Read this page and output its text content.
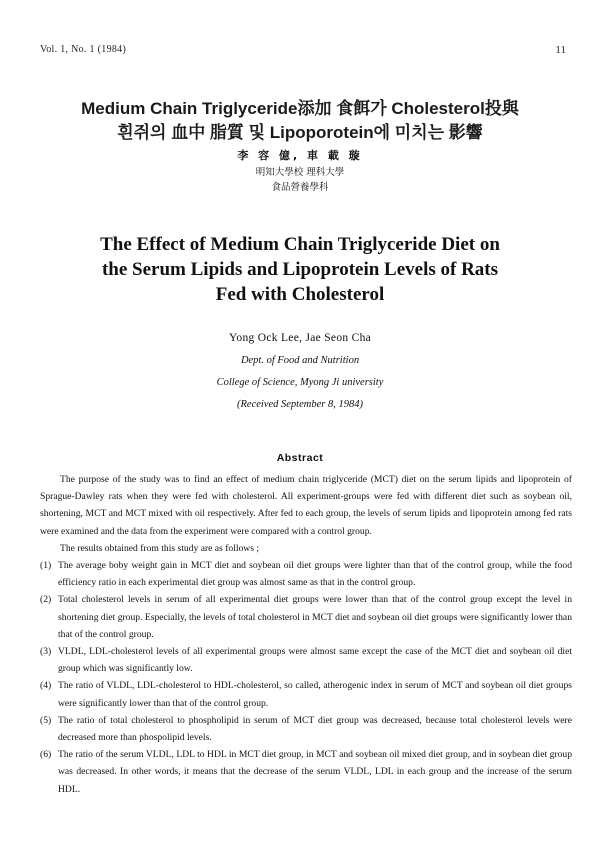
Vol. 1, No. 1 (1984)	11
Medium Chain Triglyceride添加 食餌가 Cholesterol投與
흰쥐의 血中 脂質 및 Lipoporotein에 미치는 影響
李 容 億, 車 載 璇
明知大學校 理科大學
食品營養學科
The Effect of Medium Chain Triglyceride Diet on
the Serum Lipids and Lipoprotein Levels of Rats
Fed with Cholesterol
Yong Ock Lee, Jae Seon Cha
Dept. of Food and Nutrition
College of Science, Myong Ji university
(Received September 8, 1984)
Abstract

The purpose of the study was to find an effect of medium chain triglyceride (MCT) diet on the serum lipids and lipoprotein of Sprague-Dawley rats when they were fed with cholesterol. All experiment-groups were fed with different diet such as soybean oil, shortening, MCT and MCT mixed with oil respectively. After fed to each group, the levels of serum lipids and lipoprotein among fed rats were examined and the data from the experiment were compared with a control group.

The results obtained from this study are as follows ;

(1) The average boby weight gain in MCT diet and soybean oil diet groups were lighter than that of the control group, while the food efficiency ratio in each experimental diet group was almost same as that in the control group.
(2) Total cholesterol levels in serum of all experimental diet groups were lower than that of the control group except the level in shortening diet group. Especially, the levels of total cholesterol in MCT diet and soybean oil diet groups were significantly lower than that of the control group.
(3) VLDL, LDL-cholesterol levels of all experimental groups were almost same except the case of the MCT diet and soybean oil diet group which was significantly low.
(4) The ratio of VLDL, LDL-cholesterol to HDL-cholesterol, so called, atherogenic index in serum of MCT and soybean oil diet groups were significantly lower than that of the control group.
(5) The ratio of total cholesterol to phospholipid in serum of MCT diet group was decreased, because total cholesterol levels were decreased more than phospolipid levels.
(6) The ratio of the serum VLDL, LDL to HDL in MCT diet group, in MCT and soybean oil mixed diet group, and in soybean diet group was decreased. In other words, it means that the decrease of the serum VLDL, LDL in each group and the increase of the serum HDL.
